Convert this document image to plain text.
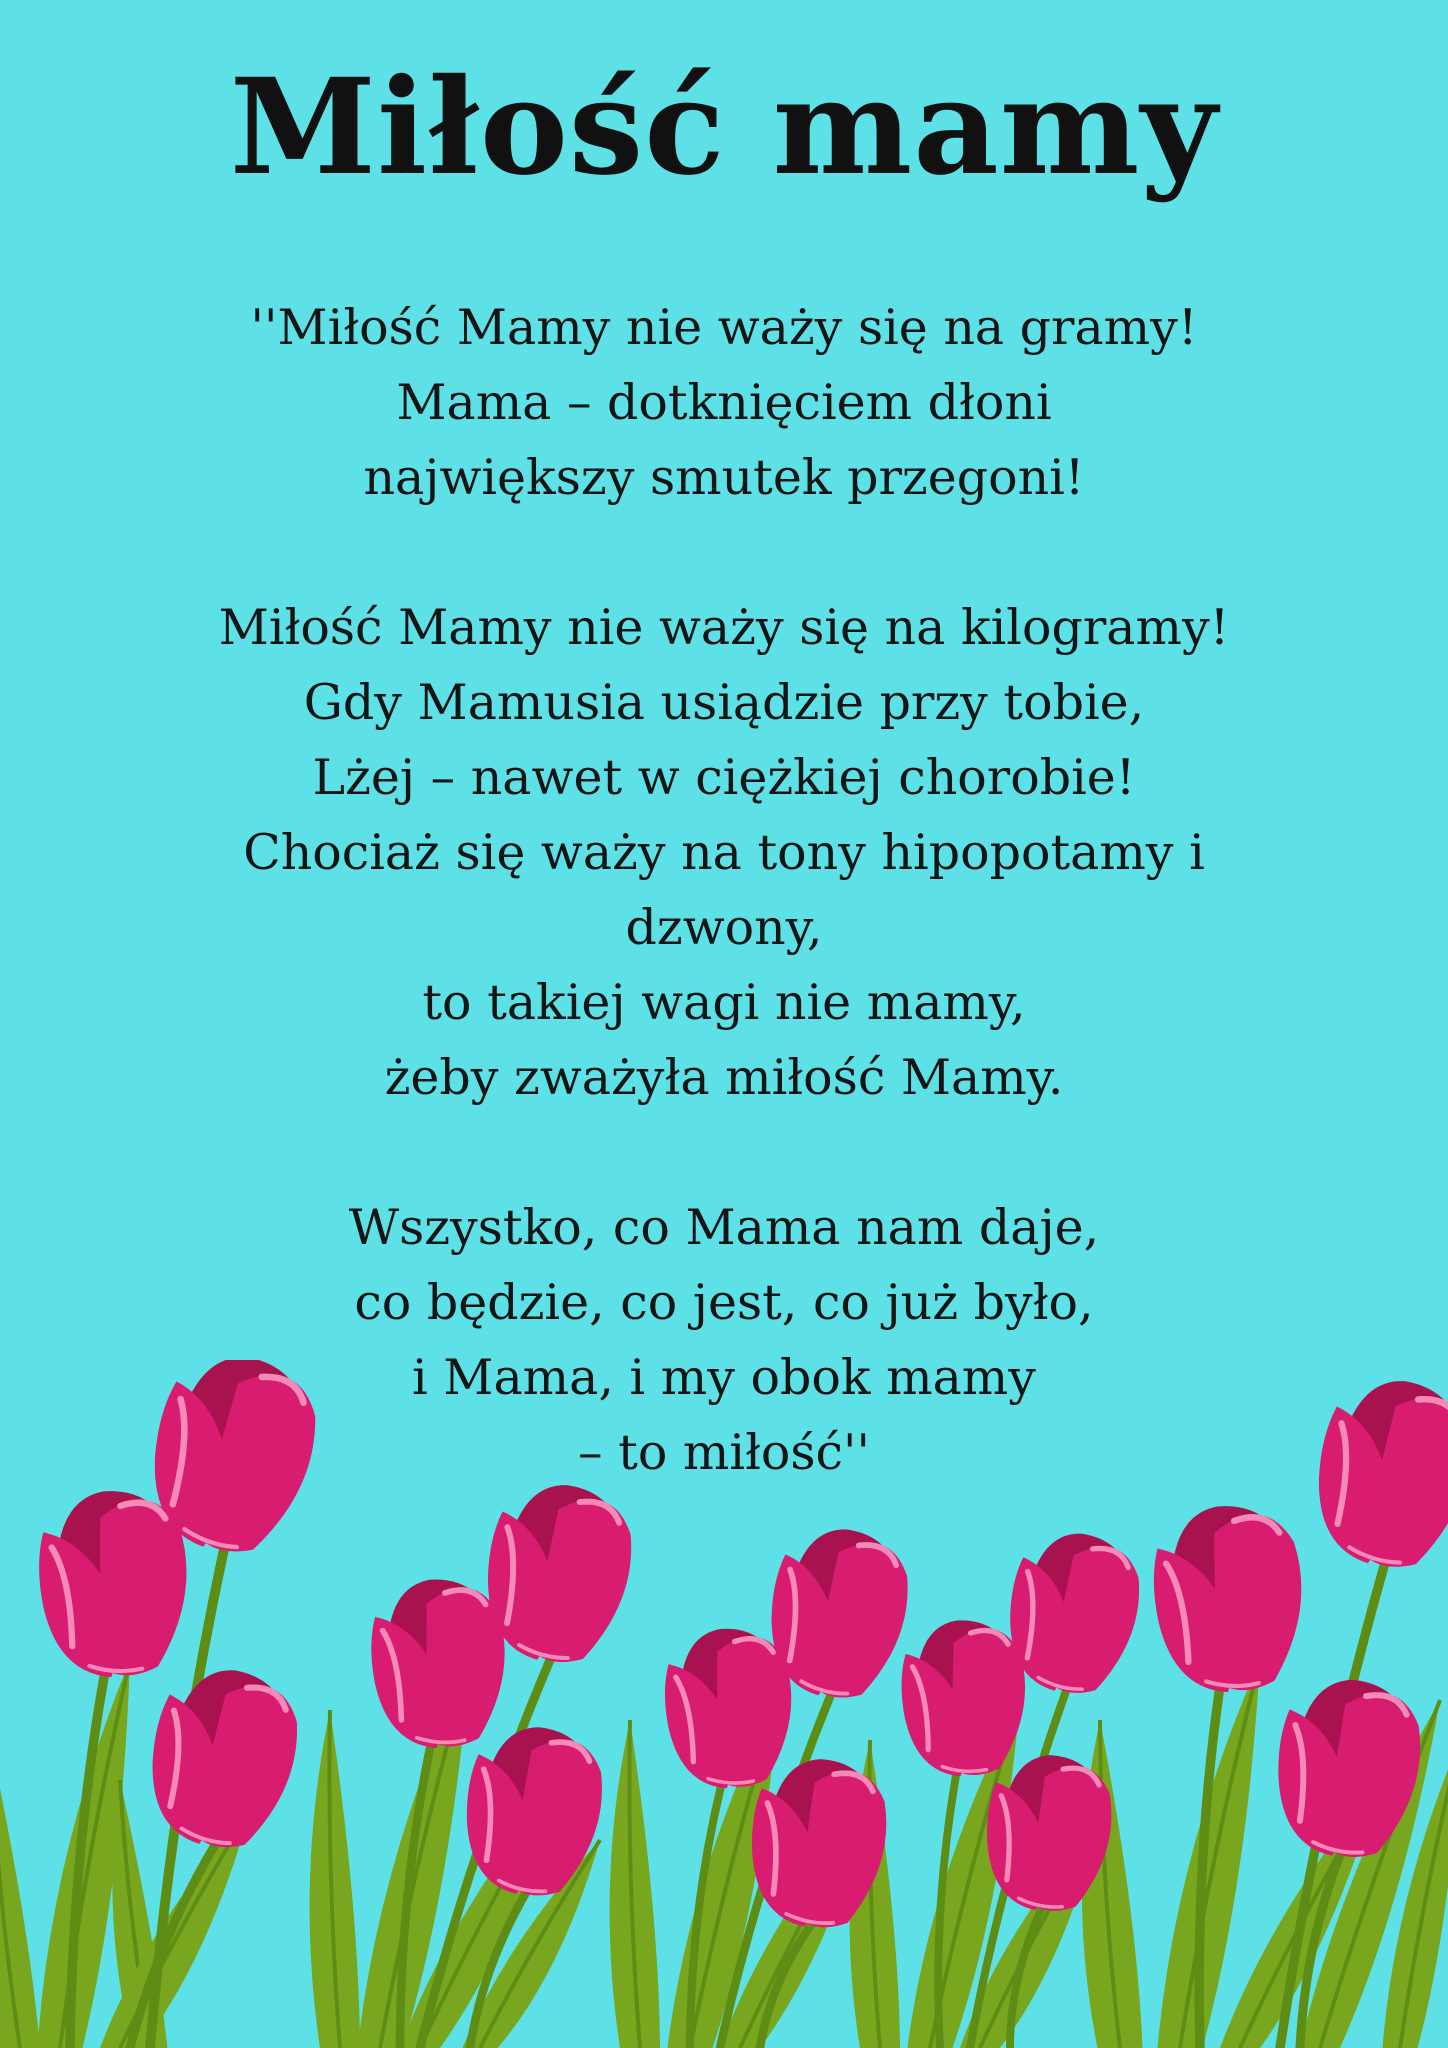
Miłość mamy
''Miłość Mamy nie waży się na gramy!
Mama – dotknięciem dłoni
największy smutek przegoni!
Miłość Mamy nie waży się na kilogramy!
Gdy Mamusia usiądzie przy tobie,
Lżej – nawet w ciężkiej chorobie!
Chociaż się waży na tony hipopotamy i
dzwony,
to takiej wagi nie mamy,
żeby zważyła miłość Mamy.
Wszystko, co Mama nam daje,
co będzie, co jest, co już było,
i Mama, i my obok mamy
– to miłość''
